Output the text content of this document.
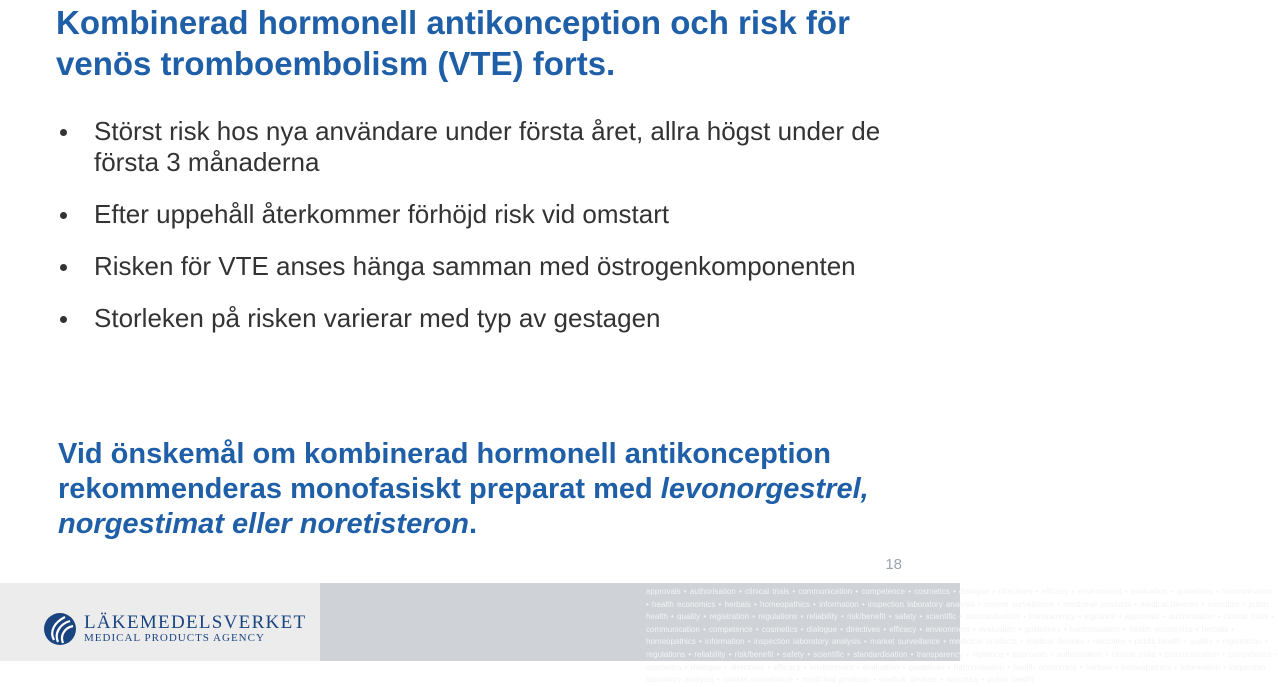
Kombinerad hormonell antikonception och risk för venös tromboembolism (VTE) forts.
Störst risk hos nya användare under första året, allra högst under de första 3 månaderna
Efter uppehåll återkommer förhöjd risk vid omstart
Risken för VTE anses hänga samman med östrogenkomponenten
Storleken på risken varierar med typ av gestagen

Vid önskemål om kombinerad hormonell antikonception rekommenderas monofasiskt preparat med levonorgestrel, norgestimat eller noretisteron.

18

approvals • authorisation • clinical trials • communication • competence • cosmetics • dialogue • directives • efficacy • environment • evaluation • guidelines • harmonisation • health economics • herbals • homeopathics • information • inspection laboratory analysis • market surveillance • medicinal products • medical devices • narcotics • public health • quality • registration • regulations • reliability • risk/benefit • safety • scientific • standardisation • transparency • vigilance • approvals • authorisation • clinical trials • communication • competence • cosmetics • dialogue • directives • efficacy • environment • evaluation • guidelines • harmonisation • health economics • herbals • homeopathics • information • inspection laboratory analysis • market surveillance • medicinal products • medical devices • narcotics • public health • quality • registration • regulations • reliability • risk/benefit • safety • scientific • standardisation • transparency • vigilance • approvals • authorisation • clinical trials • communication • competence • cosmetics • dialogue • directives • efficacy • environment • evaluation • guidelines • harmonisation • health economics • herbals • homeopathics • information • inspection laboratory analysis • market surveillance • medicinal products • medical devices • narcotics • public health

LÄKEMEDELSVERKET
MEDICAL PRODUCTS AGENCY
